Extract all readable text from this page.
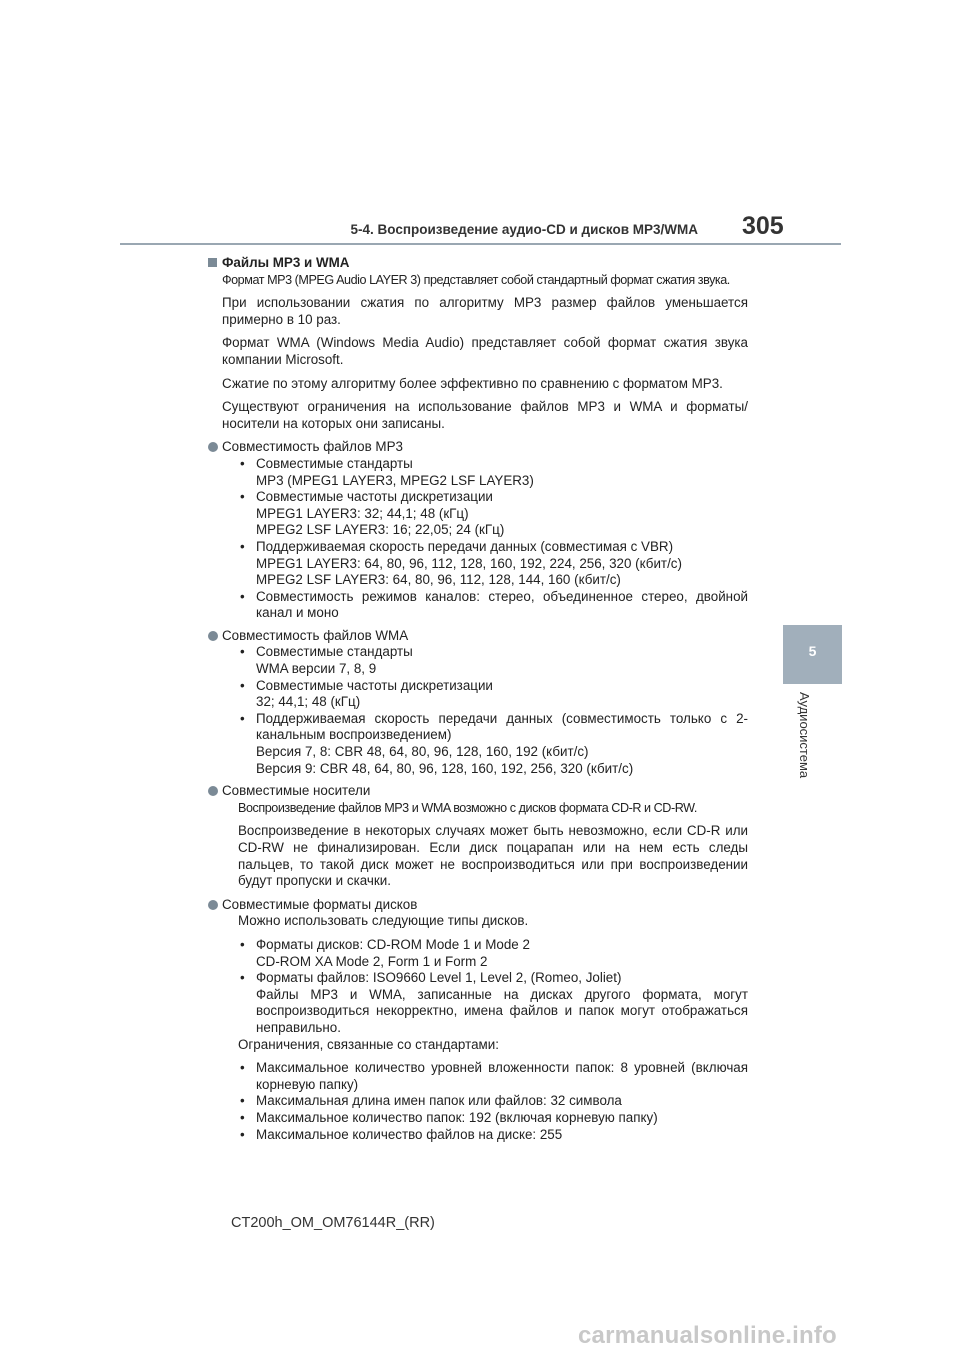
5-4. Воспроизведение аудио-CD и дисков MP3/WMA 305
5
Аудиосистема

Файлы MP3 и WMA

Формат MP3 (MPEG Audio LAYER 3) представляет собой стандартный формат сжатия звука.

При использовании сжатия по алгоритму MP3 размер файлов уменьшается примерно в 10 раз.

Формат WMA (Windows Media Audio) представляет собой формат сжатия звука компании Microsoft.

Сжатие по этому алгоритму более эффективно по сравнению с форматом MP3.

Существуют ограничения на использование файлов MP3 и WMA и форматы/носители на которых они записаны.

Совместимость файлов MP3

• Совместимые стандарты
MP3 (MPEG1 LAYER3, MPEG2 LSF LAYER3)
• Совместимые частоты дискретизации
MPEG1 LAYER3: 32; 44,1; 48 (кГц)
MPEG2 LSF LAYER3: 16; 22,05; 24 (кГц)
• Поддерживаемая скорость передачи данных (совместимая с VBR)
MPEG1 LAYER3: 64, 80, 96, 112, 128, 160, 192, 224, 256, 320 (кбит/с)
MPEG2 LSF LAYER3: 64, 80, 96, 112, 128, 144, 160 (кбит/с)
• Совместимость режимов каналов: стерео, объединенное стерео, двойной канал и моно

Совместимость файлов WMA

• Совместимые стандарты
WMA версии 7, 8, 9
• Совместимые частоты дискретизации
32; 44,1; 48 (кГц)
• Поддерживаемая скорость передачи данных (совместимость только с 2-канальным воспроизведением)
Версия 7, 8: CBR 48, 64, 80, 96, 128, 160, 192 (кбит/с)
Версия 9: CBR 48, 64, 80, 96, 128, 160, 192, 256, 320 (кбит/с)

Совместимые носители

Воспроизведение файлов MP3 и WMA возможно с дисков формата CD-R и CD-RW.

Воспроизведение в некоторых случаях может быть невозможно, если CD-R или CD-RW не финализирован. Если диск поцарапан или на нем есть следы пальцев, то такой диск может не воспроизводиться или при воспроизведении будут пропуски и скачки.

Совместимые форматы дисков

Можно использовать следующие типы дисков.

• Форматы дисков: CD-ROM Mode 1 и Mode 2
CD-ROM XA Mode 2, Form 1 и Form 2
• Форматы файлов: ISO9660 Level 1, Level 2, (Romeo, Joliet)
Файлы MP3 и WMA, записанные на дисках другого формата, могут воспроизводиться некорректно, имена файлов и папок могут отображаться неправильно.

Ограничения, связанные со стандартами:

• Максимальное количество уровней вложенности папок: 8 уровней (включая корневую папку)
• Максимальная длина имен папок или файлов: 32 символа
• Максимальное количество папок: 192 (включая корневую папку)
• Максимальное количество файлов на диске: 255
CT200h_OM_OM76144R_(RR)
carmanualsonline.info
